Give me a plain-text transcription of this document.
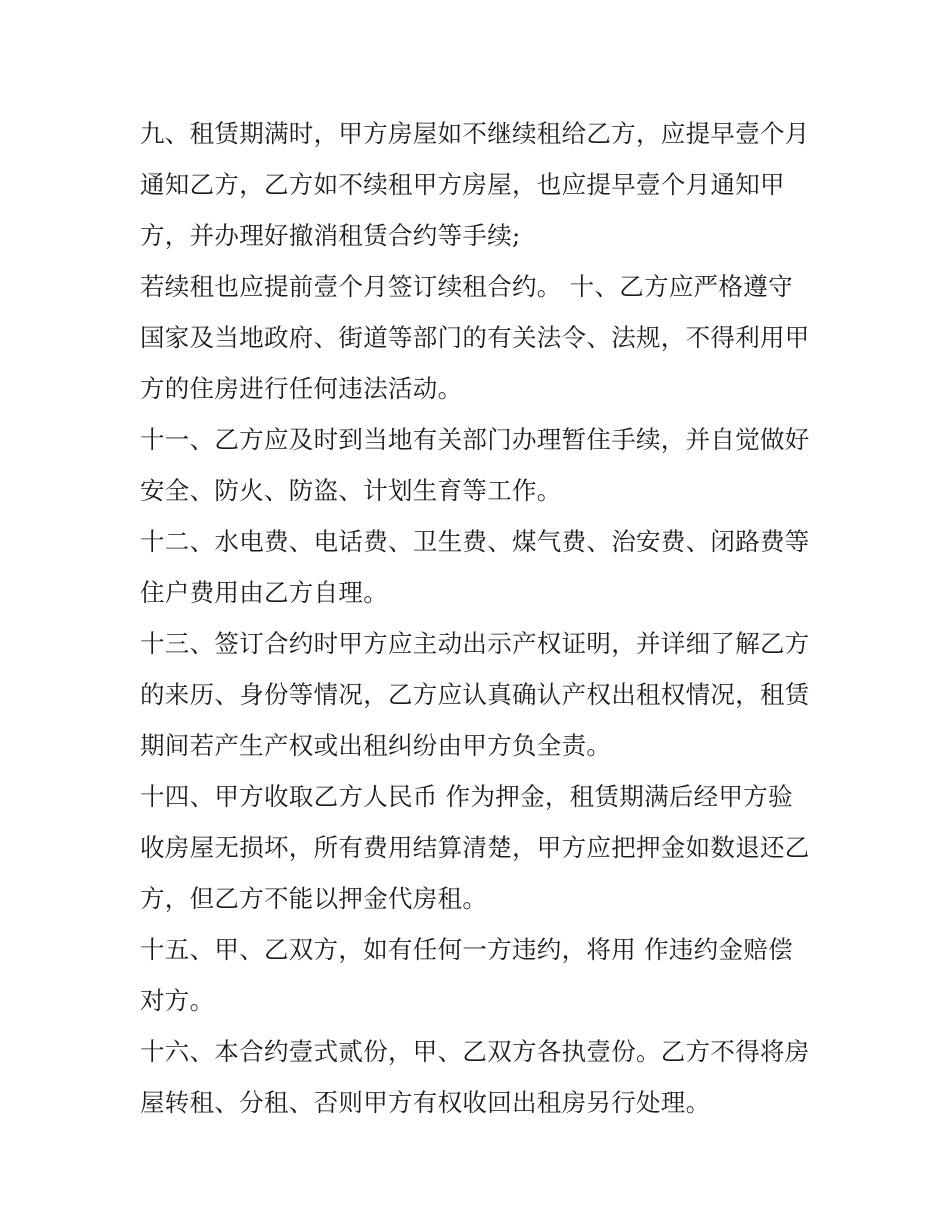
九、租赁期满时，甲方房屋如不继续租给乙方，应提早壹个月
通知乙方，乙方如不续租甲方房屋，也应提早壹个月通知甲
方，并办理好撤消租赁合约等手续;

若续租也应提前壹个月签订续租合约。 十、乙方应严格遵守
国家及当地政府、街道等部门的有关法令、法规，不得利用甲
方的住房进行任何违法活动。

十一、乙方应及时到当地有关部门办理暂住手续，并自觉做好
安全、防火、防盗、计划生育等工作。

十二、水电费、电话费、卫生费、煤气费、治安费、闭路费等
住户费用由乙方自理。

十三、签订合约时甲方应主动出示产权证明，并详细了解乙方
的来历、身份等情况，乙方应认真确认产权出租权情况，租赁
期间若产生产权或出租纠纷由甲方负全责。

十四、甲方收取乙方人民币 作为押金，租赁期满后经甲方验
收房屋无损坏，所有费用结算清楚，甲方应把押金如数退还乙
方，但乙方不能以押金代房租。

十五、甲、乙双方，如有任何一方违约，将用 作违约金赔偿
对方。

十六、本合约壹式贰份，甲、乙双方各执壹份。乙方不得将房
屋转租、分租、否则甲方有权收回出租房另行处理。
